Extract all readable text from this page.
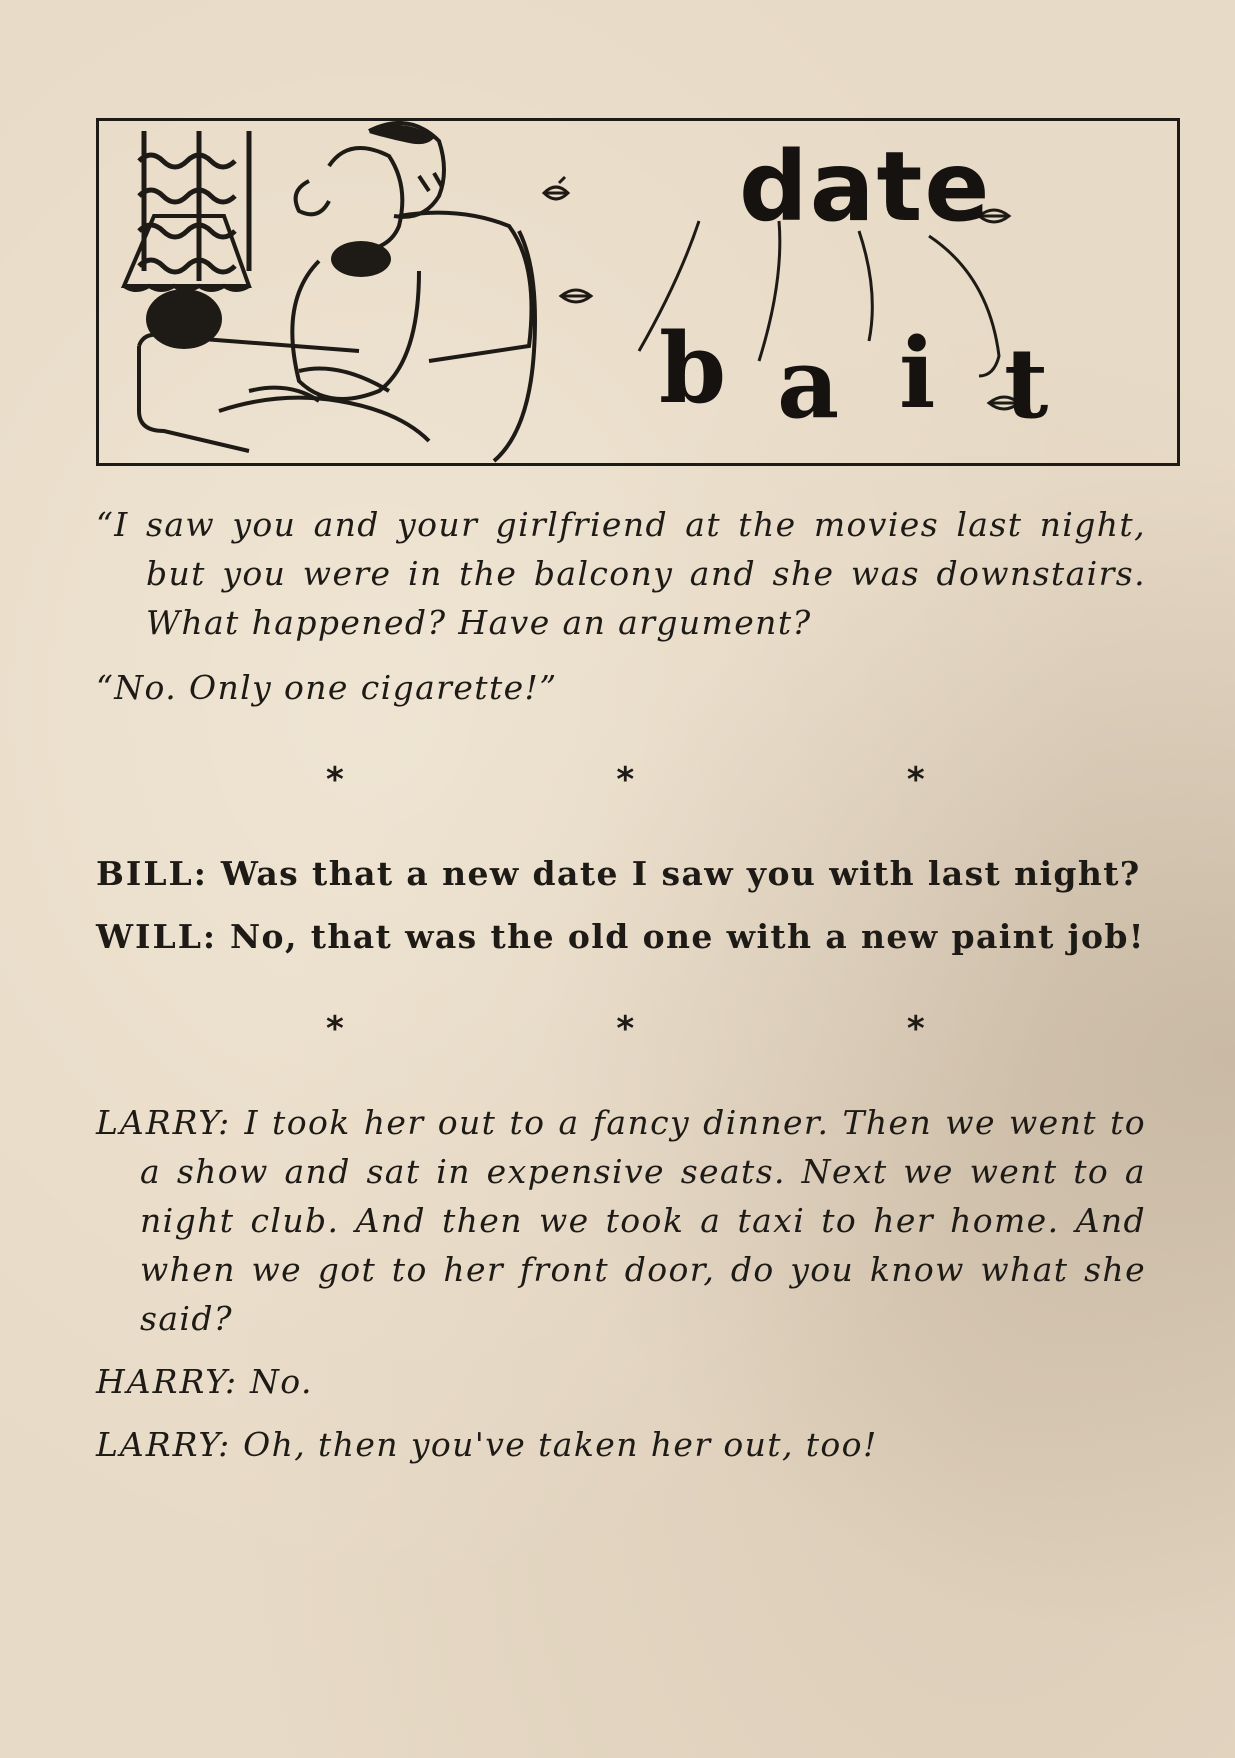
date
b a i t

“I saw you and your girlfriend at the movies last night, but you were in the balcony and she was downstairs. What happened? Have an argument?

“No. Only one cigarette!”

*	*	*

BILL: Was that a new date I saw you with last night?

WILL: No, that was the old one with a new paint job!

*	*	*

LARRY: I took her out to a fancy dinner. Then we went to a show and sat in expensive seats. Next we went to a night club. And then we took a taxi to her home. And when we got to her front door, do you know what she said?

HARRY: No.

LARRY: Oh, then you've taken her out, too!
